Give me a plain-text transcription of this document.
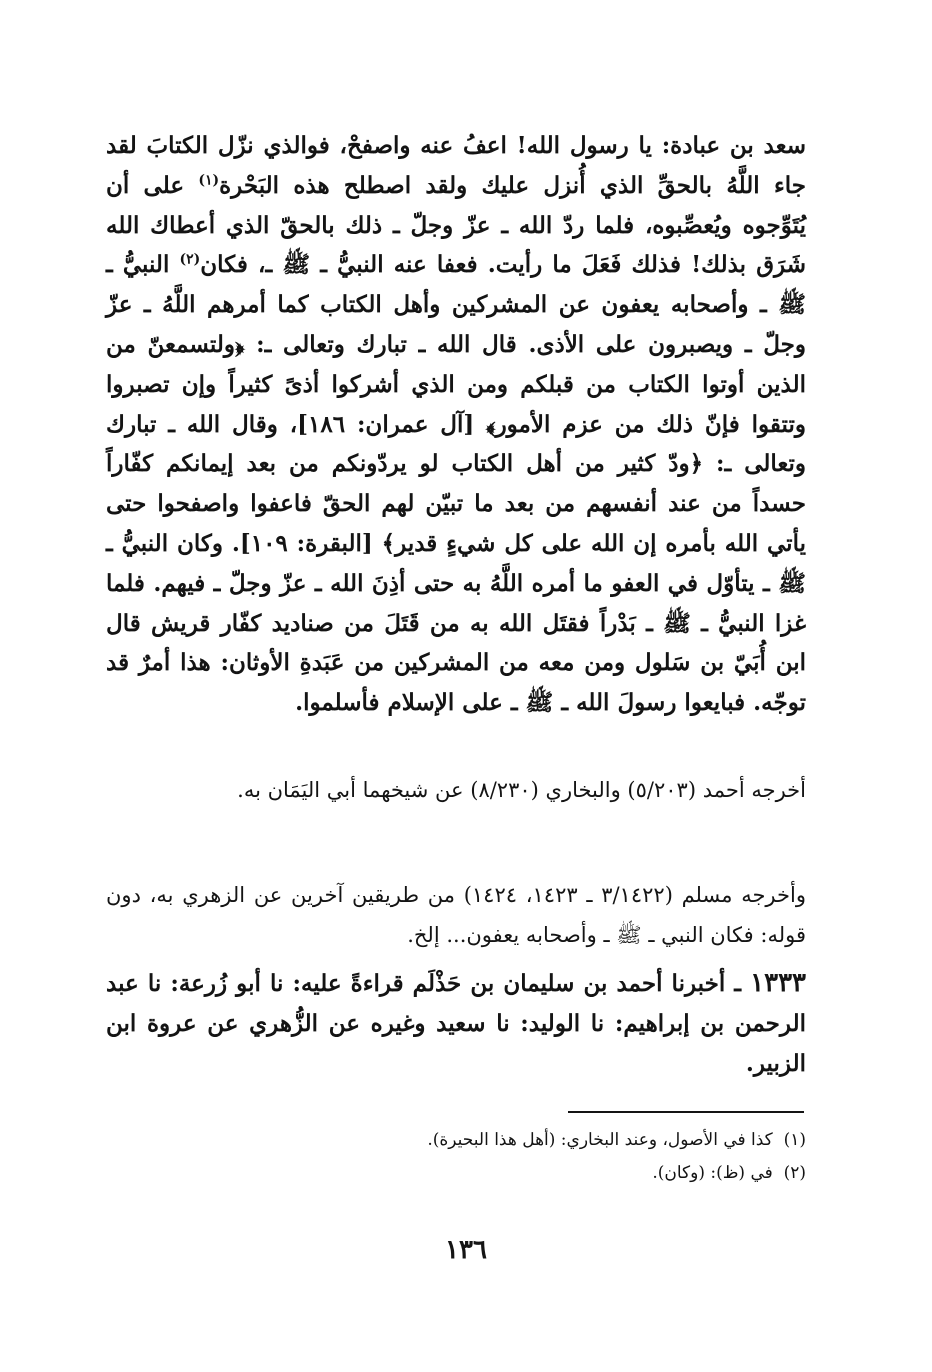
سعد بن عبادة: يا رسول الله! اعفُ عنه واصفحْ، فوالذي نزّل الكتابَ لقد جاء اللَّهُ بالحقِّ الذي أُنزل عليك ولقد اصطلح هذه البَحْرة$^{(١)}$ على أن يُتَوِّجوه ويُعصِّبوه، فلما ردّ الله ـ عزّ وجلّ ـ ذلك بالحقّ الذي أعطاك الله شَرَق بذلك! فذلك فَعَلَ ما رأيت. فعفا عنه النبيُّ ـ ﷺ ـ، فكان$^{(٢)}$ النبيُّ ـ ﷺ ـ وأصحابه يعفون عن المشركين وأهل الكتاب كما أمرهم اللَّهُ ـ عزّ وجلّ ـ ويصبرون على الأذى. قال الله ـ تبارك وتعالى ـ: ﴿ولتسمعنّ من الذين أوتوا الكتاب من قبلكم ومن الذي أشركوا أذىً كثيراً وإن تصبروا وتتقوا فإنّ ذلك من عزم الأمور﴾ [آل عمران: ١٨٦]، وقال الله ـ تبارك وتعالى ـ: ﴿ودّ كثير من أهل الكتاب لو يردّونكم من بعد إيمانكم كفّاراً حسداً من عند أنفسهم من بعد ما تبيّن لهم الحقّ فاعفوا واصفحوا حتى يأتي الله بأمره إن الله على كل شيءٍ قدير﴾ [البقرة: ١٠٩]. وكان النبيُّ ـ ﷺ ـ يتأوّل في العفو ما أمره اللَّهُ به حتى أذِنَ الله ـ عزّ وجلّ ـ فيهم. فلما غزا النبيُّ ـ ﷺ ـ بَدْراً فقتَل الله به من قَتَلَ من صناديد كفّار قريش قال ابن أُبَيّ بن سَلول ومن معه من المشركين من عَبَدةِ الأوثان: هذا أمرٌ قد توجّه. فبايعوا رسولَ الله ـ ﷺ ـ على الإسلام فأسلموا.

أخرجه أحمد (٥/٢٠٣) والبخاري (٨/٢٣٠) عن شيخهما أبي اليَمَان به.

وأخرجه مسلم (٣/١٤٢٢ ـ ١٤٢٣، ١٤٢٤) من طريقين آخرين عن الزهري به، دون قوله: فكان النبي ـ ﷺ ـ وأصحابه يعفون... إلخ.

١٣٣٣ ـ أخبرنا أحمد بن سليمان بن حَذْلَم قراءةً عليه: نا أبو زُرعة: نا عبد الرحمن بن إبراهيم: نا الوليد: نا سعيد وغيره عن الزُّهري عن عروة ابن الزبير.

(١)  كذا في الأصول، وعند البخاري: (أهل هذا البحيرة).
(٢)  في (ظ): (وكان).
١٣٦
